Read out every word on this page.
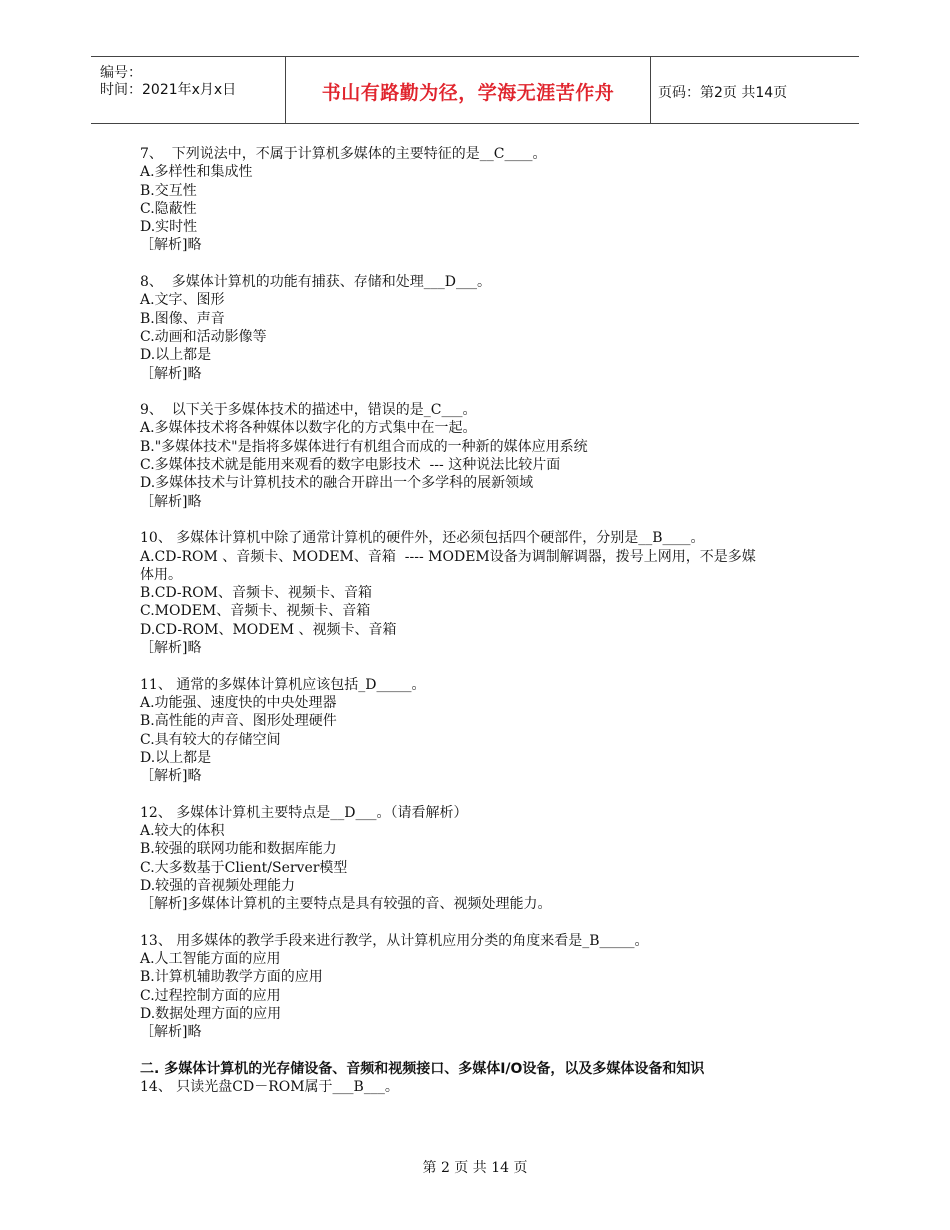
编号：
时间：2021年x月x日	书山有路勤为径，学海无涯苦作舟	页码：第2页 共14页
7、  下列说法中，不属于计算机多媒体的主要特征的是__C____。
A.多样性和集成性
B.交互性
C.隐蔽性
D.实时性
［解析]略
8、  多媒体计算机的功能有捕获、存储和处理___D___。
A.文字、图形
B.图像、声音
C.动画和活动影像等
D.以上都是
［解析]略
9、  以下关于多媒体技术的描述中，错误的是_C___。
A.多媒体技术将各种媒体以数字化的方式集中在一起。
B."多媒体技术"是指将多媒体进行有机组合而成的一种新的媒体应用系统
C.多媒体技术就是能用来观看的数字电影技术  --- 这种说法比较片面
D.多媒体技术与计算机技术的融合开辟出一个多学科的展新领域
［解析]略
10、 多媒体计算机中除了通常计算机的硬件外，还必须包括四个硬部件，分别是__B____。
A.CD-ROM 、音频卡、MODEM、音箱  ---- MODEM设备为调制解调器，拨号上网用，不是多媒
体用。
B.CD-ROM、音频卡、视频卡、音箱
C.MODEM、音频卡、视频卡、音箱
D.CD-ROM、MODEM 、视频卡、音箱
［解析]略
11、 通常的多媒体计算机应该包括_D_____。
A.功能强、速度快的中央处理器
B.高性能的声音、图形处理硬件
C.具有较大的存储空间
D.以上都是
［解析]略
12、 多媒体计算机主要特点是__D___。（请看解析）
A.较大的体积
B.较强的联网功能和数据库能力
C.大多数基于Client/Server模型
D.较强的音视频处理能力
［解析]多媒体计算机的主要特点是具有较强的音、视频处理能力。
13、 用多媒体的教学手段来进行教学，从计算机应用分类的角度来看是_B_____。
A.人工智能方面的应用
B.计算机辅助教学方面的应用
C.过程控制方面的应用
D.数据处理方面的应用
［解析]略
二. 多媒体计算机的光存储设备、音频和视频接口、多媒体I/O设备，以及多媒体设备和知识
14、 只读光盘CD－ROM属于___B___。
第 2 页 共 14 页
